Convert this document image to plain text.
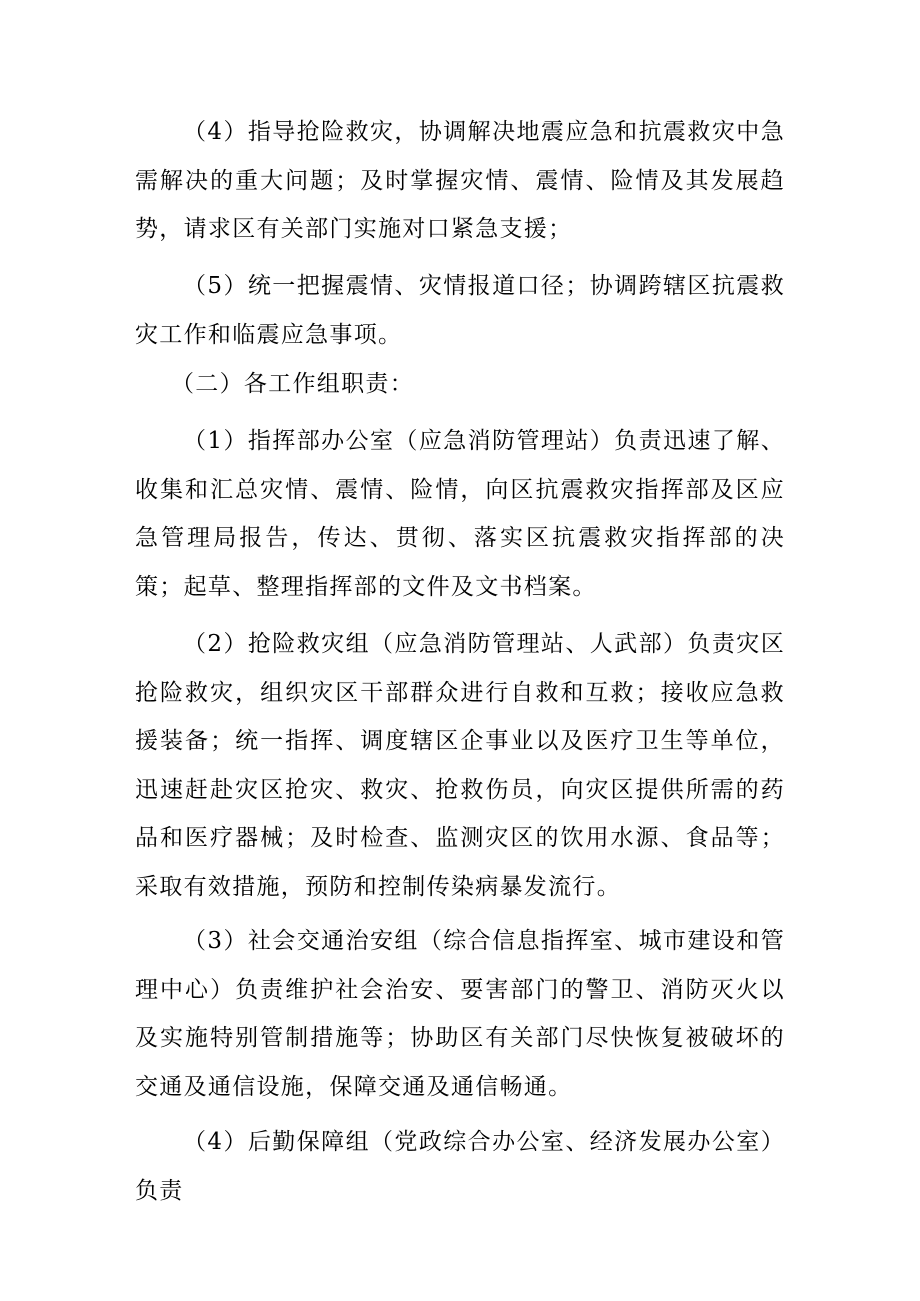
（4）指导抢险救灾，协调解决地震应急和抗震救灾中急需解决的重大问题；及时掌握灾情、震情、险情及其发展趋势，请求区有关部门实施对口紧急支援；

（5）统一把握震情、灾情报道口径；协调跨辖区抗震救灾工作和临震应急事项。

（二）各工作组职责：

（1）指挥部办公室（应急消防管理站）负责迅速了解、收集和汇总灾情、震情、险情，向区抗震救灾指挥部及区应急管理局报告，传达、贯彻、落实区抗震救灾指挥部的决策；起草、整理指挥部的文件及文书档案。

（2）抢险救灾组（应急消防管理站、人武部）负责灾区抢险救灾，组织灾区干部群众进行自救和互救；接收应急救援装备；统一指挥、调度辖区企事业以及医疗卫生等单位，迅速赶赴灾区抢灾、救灾、抢救伤员，向灾区提供所需的药品和医疗器械；及时检查、监测灾区的饮用水源、食品等；采取有效措施，预防和控制传染病暴发流行。

（3）社会交通治安组（综合信息指挥室、城市建设和管理中心）负责维护社会治安、要害部门的警卫、消防灭火以及实施特别管制措施等；协助区有关部门尽快恢复被破坏的交通及通信设施，保障交通及通信畅通。

（4）后勤保障组（党政综合办公室、经济发展办公室）负责
